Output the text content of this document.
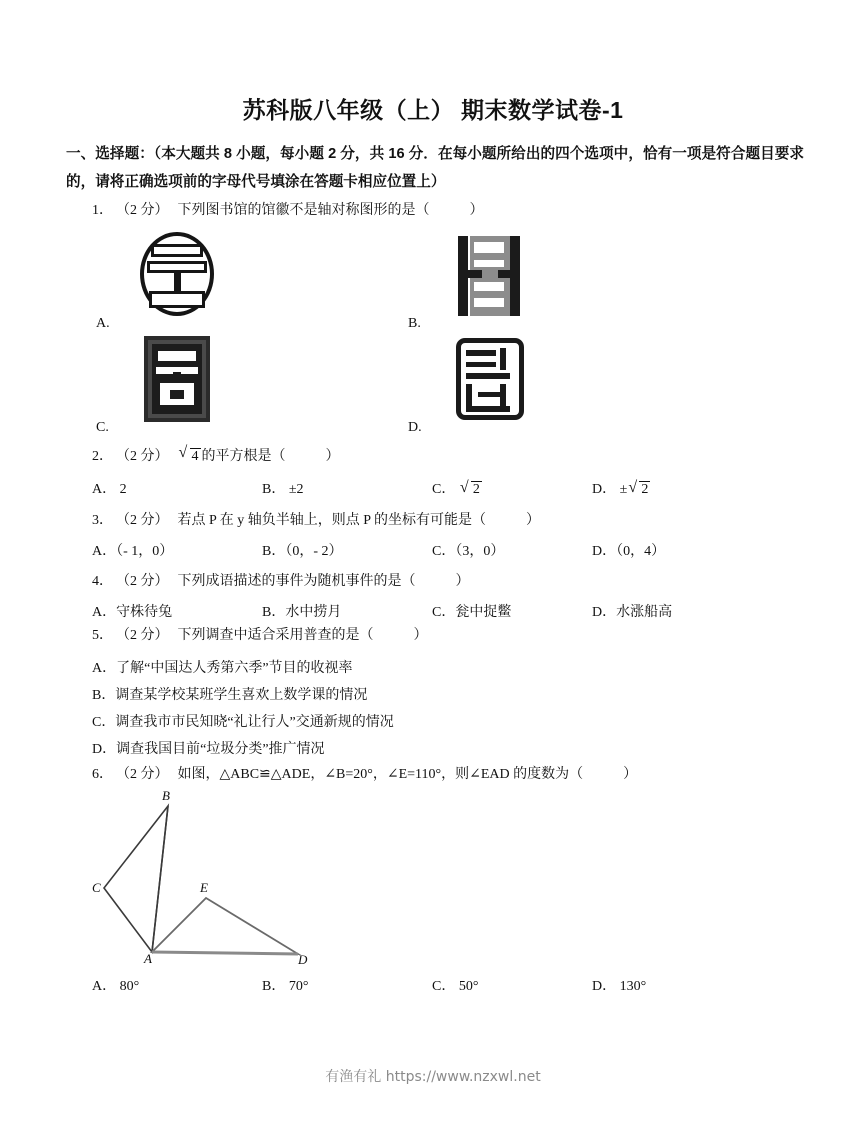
苏科版八年级（上） 期末数学试卷-1
一、选择题：（本大题共 8 小题，每小题 2 分，共 16 分．在每小题所给出的四个选项中，恰有一项是符合题目要求的，请将正确选项前的字母代号填涂在答题卡相应位置上）
1． （2 分） 下列图书馆的馆徽不是轴对称图形的是（	）
A.	B.
C.	D.
2． （2 分） √ 4 的平方根是（	）
A． 2	B． ±2	C． √ 2	D． ± √ 2
3． （2 分） 若点 P 在 y 轴负半轴上，则点 P 的坐标有可能是（	）
A．（- 1，0）	B．（0，- 2）	C．（3，0）	D．（0，4）
4． （2 分） 下列成语描述的事件为随机事件的是（	）
A．守株待兔	B．水中捞月	C．瓮中捉鳖	D．水涨船高
5． （2 分） 下列调查中适合采用普查的是（	）
A．了解“中国达人秀第六季”节目的收视率
B．调查某学校某班学生喜欢上数学课的情况
C．调查我市市民知晓“礼让行人”交通新规的情况
D．调查我国目前“垃圾分类”推广情况
6． （2 分） 如图，△ABC≌△ADE，∠B=20°，∠E=110°，则∠EAD 的度数为（	）
B
C
A
E
D
A． 80°	B． 70°	C． 50°	D． 130°
有渔有礼 https://www.nzxwl.net
